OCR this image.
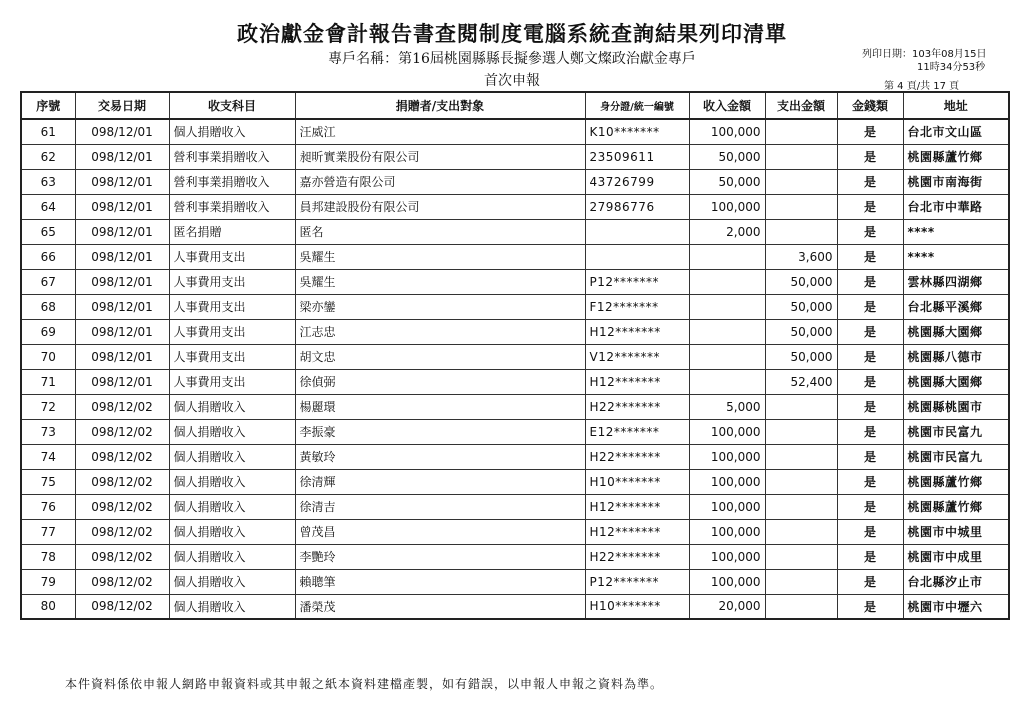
政治獻金會計報告書查閱制度電腦系統查詢結果列印清單
專戶名稱：第16屆桃園縣縣長擬參選人鄭文燦政治獻金專戶
首次申報
列印日期：103年08月15日
11時34分53秒
第 4 頁/共 17 頁
序號	交易日期	收支科目	捐贈者/支出對象	身分證/統一編號	收入金額	支出金額	金錢類	地址
61	098/12/01	個人捐贈收入	汪威江	K10*******	100,000		是	台北市文山區
62	098/12/01	營利事業捐贈收入	昶昕實業股份有限公司	23509611	50,000		是	桃園縣蘆竹鄉
63	098/12/01	營利事業捐贈收入	嘉亦營造有限公司	43726799	50,000		是	桃園市南海街
64	098/12/01	營利事業捐贈收入	員邦建設股份有限公司	27986776	100,000		是	台北市中華路
65	098/12/01	匿名捐贈	匿名		2,000		是	****
66	098/12/01	人事費用支出	吳耀生			3,600	是	****
67	098/12/01	人事費用支出	吳耀生	P12*******		50,000	是	雲林縣四湖鄉
68	098/12/01	人事費用支出	梁亦鑾	F12*******		50,000	是	台北縣平溪鄉
69	098/12/01	人事費用支出	江志忠	H12*******		50,000	是	桃園縣大園鄉
70	098/12/01	人事費用支出	胡文忠	V12*******		50,000	是	桃園縣八德市
71	098/12/01	人事費用支出	徐偵弼	H12*******		52,400	是	桃園縣大園鄉
72	098/12/02	個人捐贈收入	楊麗環	H22*******	5,000		是	桃園縣桃園市
73	098/12/02	個人捐贈收入	李振豪	E12*******	100,000		是	桃園市民富九
74	098/12/02	個人捐贈收入	黃敏玲	H22*******	100,000		是	桃園市民富九
75	098/12/02	個人捐贈收入	徐清輝	H10*******	100,000		是	桃園縣蘆竹鄉
76	098/12/02	個人捐贈收入	徐清吉	H12*******	100,000		是	桃園縣蘆竹鄉
77	098/12/02	個人捐贈收入	曾茂昌	H12*******	100,000		是	桃園市中城里
78	098/12/02	個人捐贈收入	李艷玲	H22*******	100,000		是	桃園市中成里
79	098/12/02	個人捐贈收入	賴聰筆	P12*******	100,000		是	台北縣汐止市
80	098/12/02	個人捐贈收入	潘榮茂	H10*******	20,000		是	桃園市中壢六
本件資料係依申報人網路申報資料或其申報之紙本資料建檔產製，如有錯誤，以申報人申報之資料為準。
